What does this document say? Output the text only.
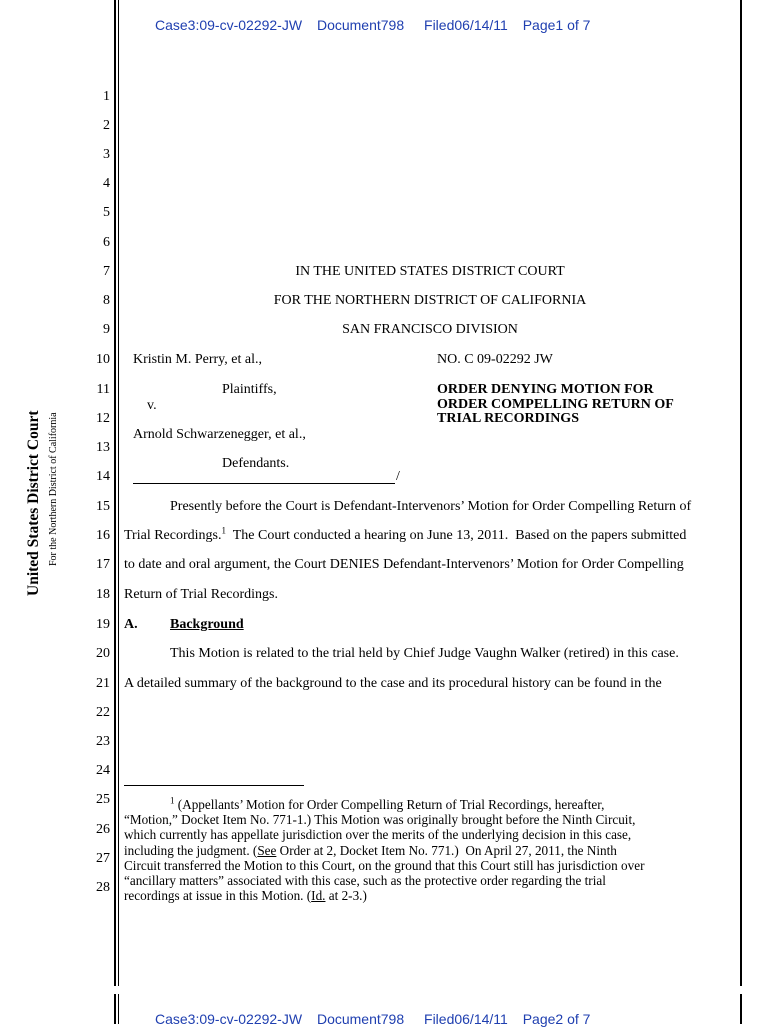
Case3:09-cv-02292-JW Document798 Filed06/14/11 Page1 of 7
United States District Court For the Northern District of California
1
2
3
4
5
6
7
8
9
10
11
12
13
14
15
16
17
18
19
20
21
22
23
24
25
26
27
28
IN THE UNITED STATES DISTRICT COURT
FOR THE NORTHERN DISTRICT OF CALIFORNIA
SAN FRANCISCO DIVISION
Kristin M. Perry, et al.,
Plaintiffs,
v.
Arnold Schwarzenegger, et al.,
Defendants.
/
NO. C 09-02292 JW
ORDER DENYING MOTION FOR
ORDER COMPELLING RETURN OF
TRIAL RECORDINGS
Presently before the Court is Defendant-Intervenors’ Motion for Order Compelling Return of
Trial Recordings.$^1$  The Court conducted a hearing on June 13, 2011.  Based on the papers submitted
to date and oral argument, the Court DENIES Defendant-Intervenors’ Motion for Order Compelling
Return of Trial Recordings.
A. Background
This Motion is related to the trial held by Chief Judge Vaughn Walker (retired) in this case.
A detailed summary of the background to the case and its procedural history can be found in the
$^1$ (Appellants’ Motion for Order Compelling Return of Trial Recordings, hereafter,
“Motion,” Docket Item No. 771-1.) This Motion was originally brought before the Ninth Circuit,
which currently has appellate jurisdiction over the merits of the underlying decision in this case,
including the judgment. (See Order at 2, Docket Item No. 771.)  On April 27, 2011, the Ninth
Circuit transferred the Motion to this Court, on the ground that this Court still has jurisdiction over
“ancillary matters” associated with this case, such as the protective order regarding the trial
recordings at issue in this Motion. (Id. at 2-3.)
Case3:09-cv-02292-JW Document798 Filed06/14/11 Page2 of 7
